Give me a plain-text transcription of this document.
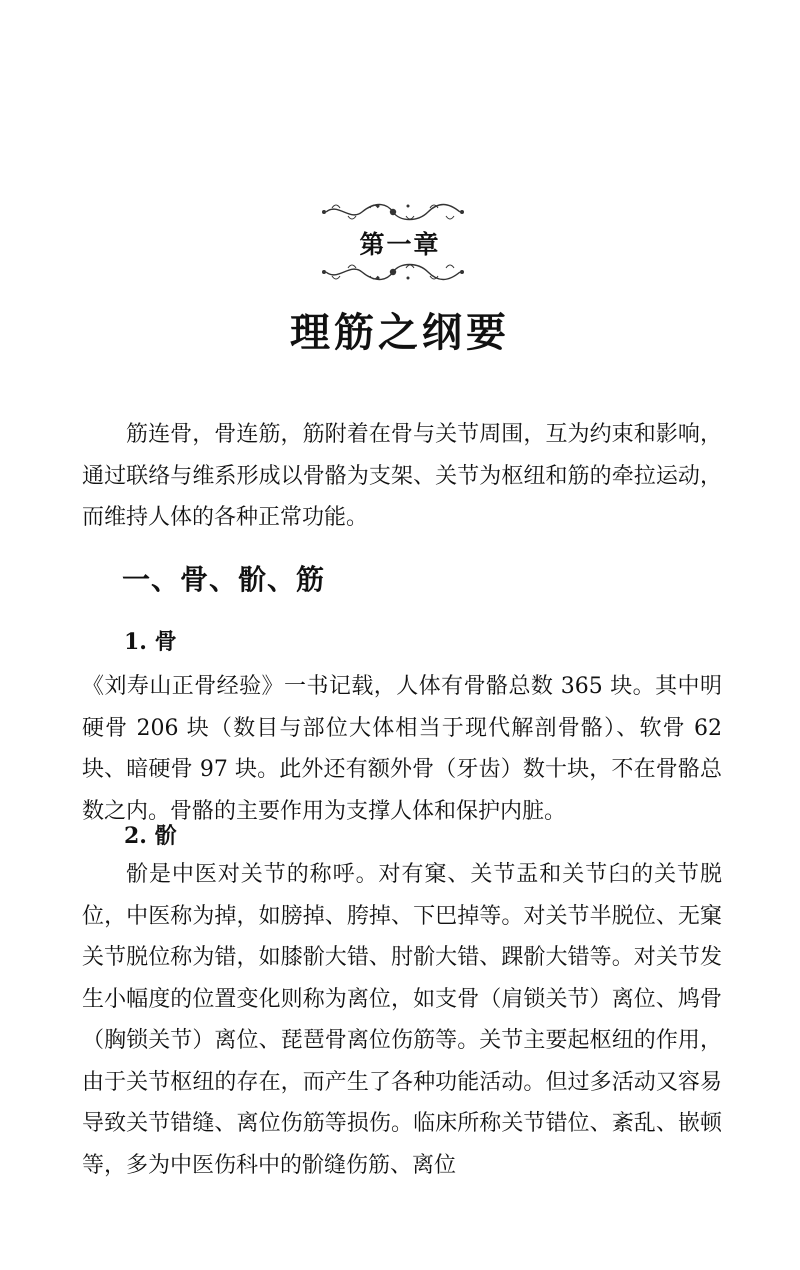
第一章
理筋之纲要

筋连骨，骨连筋，筋附着在骨与关节周围，互为约束和影响，通过联络与维系形成以骨骼为支架、关节为枢纽和筋的牵拉运动，而维持人体的各种正常功能。

一、骨、骱、筋
1. 骨

《刘寿山正骨经验》一书记载，人体有骨骼总数 365 块。其中明硬骨 206 块（数目与部位大体相当于现代解剖骨骼）、软骨 62 块、暗硬骨 97 块。此外还有额外骨（牙齿）数十块，不在骨骼总数之内。骨骼的主要作用为支撑人体和保护内脏。

2. 骱

骱是中医对关节的称呼。对有窠、关节盂和关节臼的关节脱位，中医称为掉，如膀掉、胯掉、下巴掉等。对关节半脱位、无窠关节脱位称为错，如膝骱大错、肘骱大错、踝骱大错等。对关节发生小幅度的位置变化则称为离位，如支骨（肩锁关节）离位、鸠骨（胸锁关节）离位、琵琶骨离位伤筋等。关节主要起枢纽的作用，由于关节枢纽的存在，而产生了各种功能活动。但过多活动又容易导致关节错缝、离位伤筋等损伤。临床所称关节错位、紊乱、嵌顿等，多为中医伤科中的骱缝伤筋、离位
